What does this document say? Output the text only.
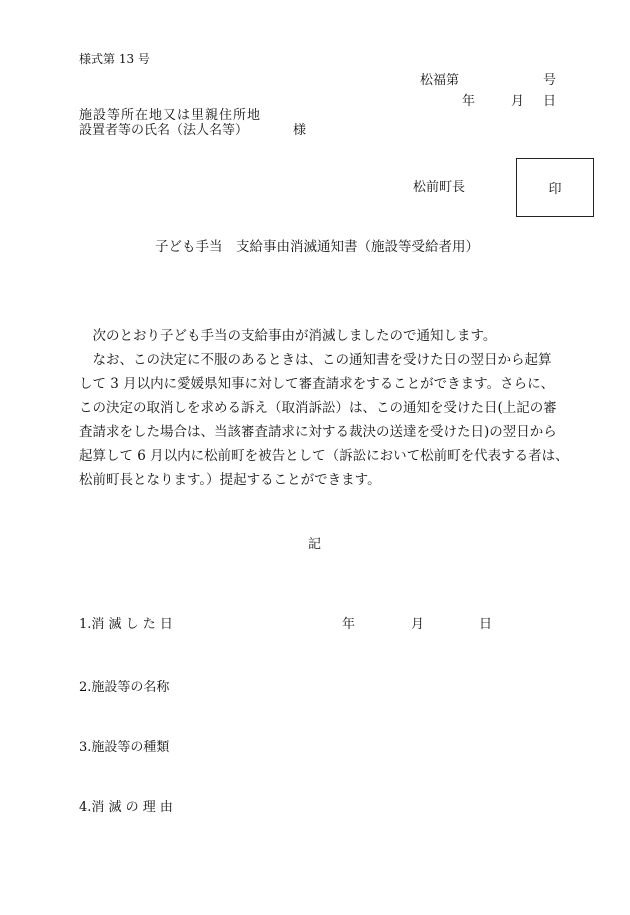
様式第 13 号
松福第	号
年	月 日
施設等所在地又は里親住所地
設置者等の氏名（法人名等）	様
松前町長	印
子ども手当　支給事由消滅通知書（施設等受給者用）
　次のとおり子ども手当の支給事由が消滅しましたので通知します。
　なお、この決定に不服のあるときは、この通知書を受けた日の翌日から起算
して 3 月以内に愛媛県知事に対して審査請求をすることができます。さらに、
この決定の取消しを求める訴え（取消訴訟）は、この通知を受けた日(上記の審
査請求をした場合は、当該審査請求に対する裁決の送達を受けた日)の翌日から
起算して 6 月以内に松前町を被告として（訴訟において松前町を代表する者は、
松前町長となります。）提起することができます。
記
1.消 滅 し た 日	年	月	日
2.施設等の名称
3.施設等の種類
4.消 滅 の 理 由
